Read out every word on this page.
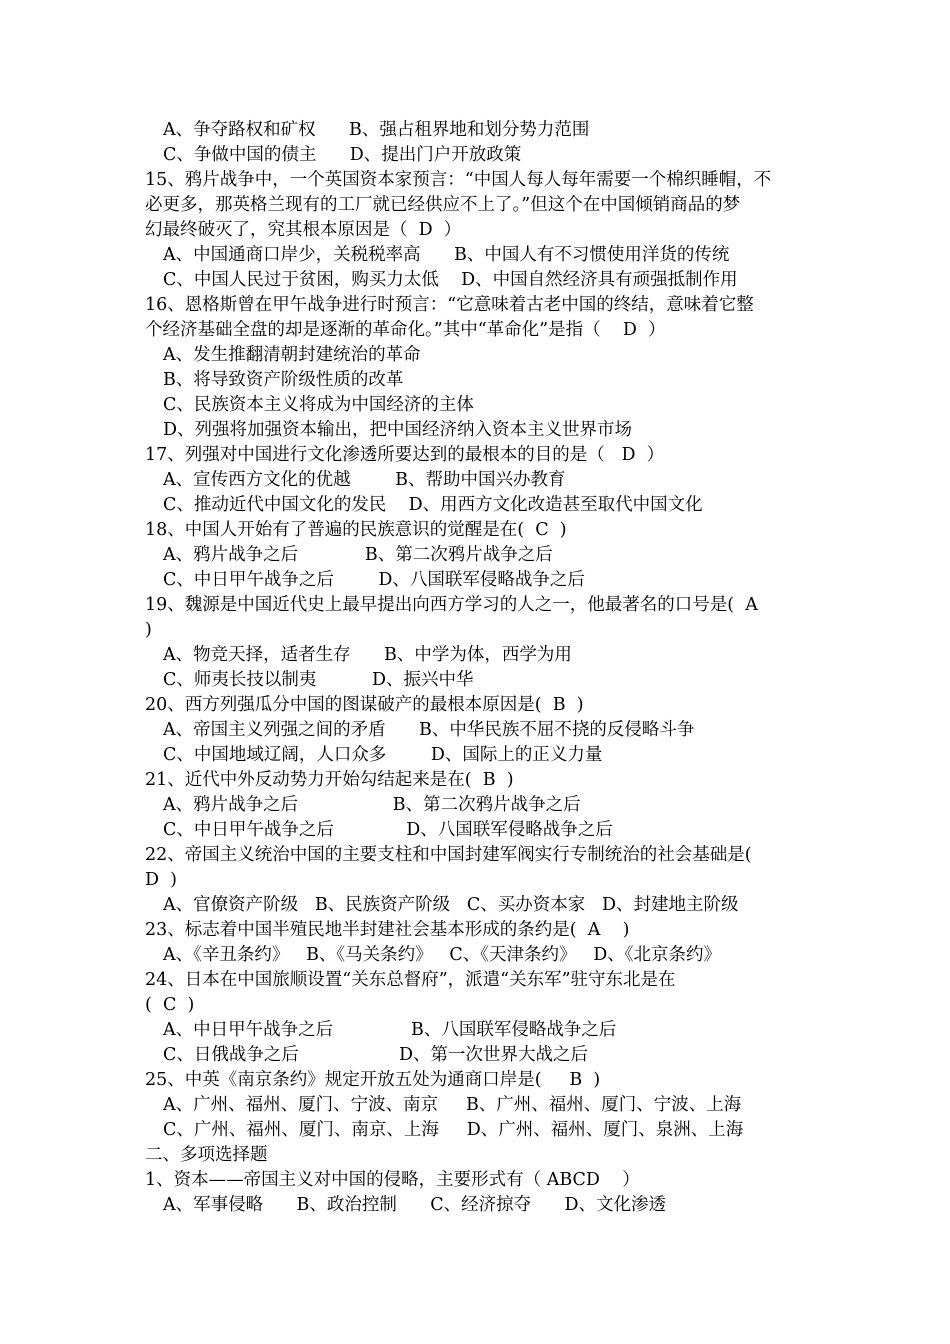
A、争夺路权和矿权      B、强占租界地和划分势力范围
C、争做中国的债主      D、提出门户开放政策
15、鸦片战争中，一个英国资本家预言：“中国人每人每年需要一个棉织睡帽，不
必更多，那英格兰现有的工厂就已经供应不上了。”但这个在中国倾销商品的梦
幻最终破灭了，究其根本原因是（  D  ）
A、中国通商口岸少，关税税率高      B、中国人有不习惯使用洋货的传统
C、中国人民过于贫困，购买力太低    D、中国自然经济具有顽强抵制作用
16、恩格斯曾在甲午战争进行时预言：“它意味着古老中国的终结，意味着它整
个经济基础全盘的却是逐渐的革命化。”其中“革命化”是指（    D  ）
A、发生推翻清朝封建统治的革命
B、将导致资产阶级性质的改革
C、民族资本主义将成为中国经济的主体
D、列强将加强资本输出，把中国经济纳入资本主义世界市场
17、列强对中国进行文化渗透所要达到的最根本的目的是（   D  ）
A、宣传西方文化的优越        B、帮助中国兴办教育
C、推动近代中国文化的发民    D、用西方文化改造甚至取代中国文化
18、中国人开始有了普遍的民族意识的觉醒是在(  C  )
A、鸦片战争之后            B、第二次鸦片战争之后
C、中日甲午战争之后        D、八国联军侵略战争之后
19、魏源是中国近代史上最早提出向西方学习的人之一，他最著名的口号是(  A
)
A、物竞天择，适者生存      B、中学为体，西学为用
C、师夷长技以制夷          D、振兴中华
20、西方列强瓜分中国的图谋破产的最根本原因是(  B  )
A、帝国主义列强之间的矛盾      B、中华民族不屈不挠的反侵略斗争
C、中国地域辽阔，人口众多        D、国际上的正义力量
21、近代中外反动势力开始勾结起来是在(  B  )
A、鸦片战争之后                 B、第二次鸦片战争之后
C、中日甲午战争之后             D、八国联军侵略战争之后
22、帝国主义统治中国的主要支柱和中国封建军阀实行专制统治的社会基础是(
D  )
A、官僚资产阶级   B、民族资产阶级   C、买办资本家   D、封建地主阶级
23、标志着中国半殖民地半封建社会基本形成的条约是(  A    )
A、《辛丑条约》   B、《马关条约》   C、《天津条约》   D、《北京条约》
24、日本在中国旅顺设置“关东总督府”，派遣“关东军”驻守东北是在
(  C  )
A、中日甲午战争之后              B、八国联军侵略战争之后
C、日俄战争之后                  D、第一次世界大战之后
25、中英《南京条约》规定开放五处为通商口岸是(     B  )
A、广州、福州、厦门、宁波、南京     B、广州、福州、厦门、宁波、上海
C、广州、福州、厦门、南京、上海     D、广州、福州、厦门、泉洲、上海
二、多项选择题
1、资本——帝国主义对中国的侵略，主要形式有（ ABCD    ）
A、军事侵略      B、政治控制      C、经济掠夺      D、文化渗透
